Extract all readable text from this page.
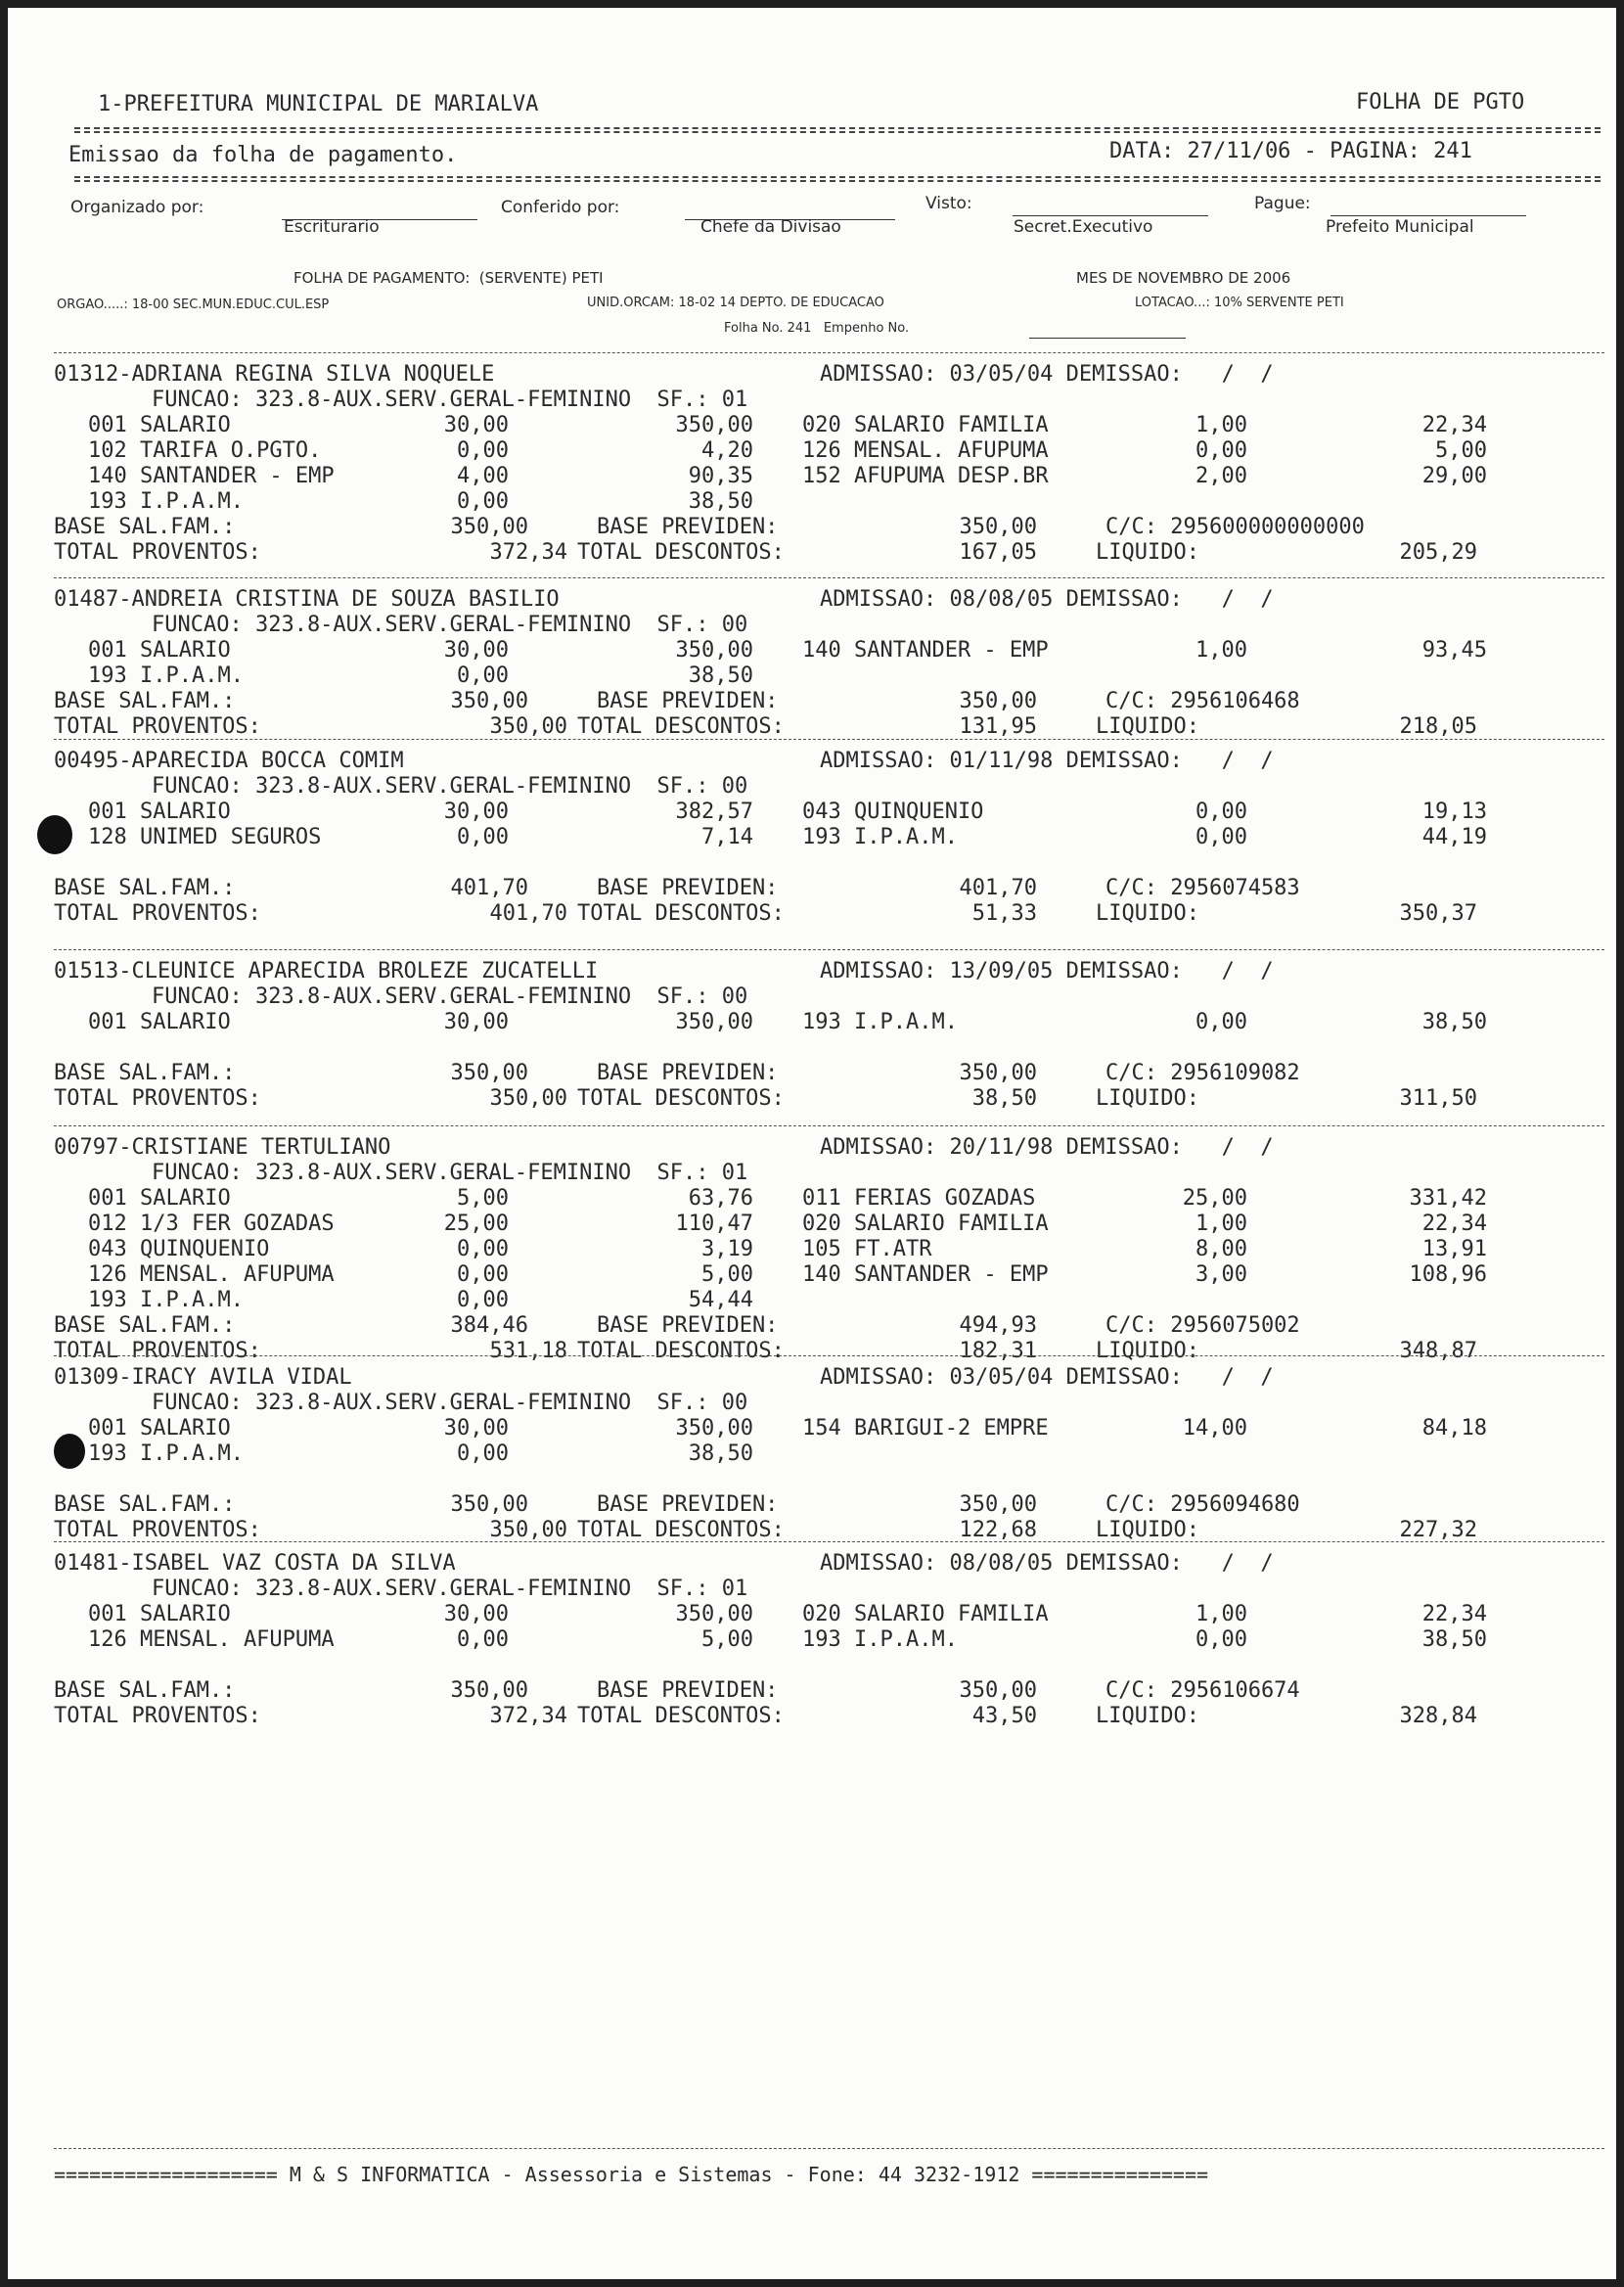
1-PREFEITURA MUNICIPAL DE MARIALVA	FOLHA DE PGTO
Emissao da folha de pagamento.	DATA: 27/11/06 - PAGINA: 241
Organizado por:
Escriturario
Conferido por:
Chefe da Divisao
Visto:
Secret.Executivo
Pague:
Prefeito Municipal
FOLHA DE PAGAMENTO:  (SERVENTE) PETI	MES DE NOVEMBRO DE 2006
ORGAO.....: 18-00 SEC.MUN.EDUC.CUL.ESP	UNID.ORCAM: 18-02 14 DEPTO. DE EDUCACAO	LOTACAO...: 10% SERVENTE PETI
Folha No. 241   Empenho No.
01312-ADRIANA REGINA SILVA NOQUELE	ADMISSAO: 03/05/04 DEMISSAO:   /  /
FUNCAO: 323.8-AUX.SERV.GERAL-FEMININO  SF.: 01
001 SALARIO	30,00	350,00 020 SALARIO FAMILIA	1,00	22,34
102 TARIFA O.PGTO.	0,00	4,20 126 MENSAL. AFUPUMA	0,00	5,00
140 SANTANDER - EMP	4,00	90,35 152 AFUPUMA DESP.BR	2,00	29,00
193 I.P.A.M.	0,00	38,50
BASE SAL.FAM.:	350,00	BASE PREVIDEN:	350,00	C/C: 295600000000000
TOTAL PROVENTOS:	372,34 TOTAL DESCONTOS:	167,05	LIQUIDO:	205,29
01487-ANDREIA CRISTINA DE SOUZA BASILIO	ADMISSAO: 08/08/05 DEMISSAO:   /  /
FUNCAO: 323.8-AUX.SERV.GERAL-FEMININO  SF.: 00
001 SALARIO	30,00	350,00 140 SANTANDER - EMP	1,00	93,45
193 I.P.A.M.	0,00	38,50
BASE SAL.FAM.:	350,00	BASE PREVIDEN:	350,00	C/C: 2956106468
TOTAL PROVENTOS:	350,00 TOTAL DESCONTOS:	131,95	LIQUIDO:	218,05
00495-APARECIDA BOCCA COMIM	ADMISSAO: 01/11/98 DEMISSAO:   /  /
FUNCAO: 323.8-AUX.SERV.GERAL-FEMININO  SF.: 00
001 SALARIO	30,00	382,57 043 QUINQUENIO	0,00	19,13
128 UNIMED SEGUROS	0,00	7,14 193 I.P.A.M.	0,00	44,19
BASE SAL.FAM.:	401,70	BASE PREVIDEN:	401,70	C/C: 2956074583
TOTAL PROVENTOS:	401,70 TOTAL DESCONTOS:	51,33	LIQUIDO:	350,37
01513-CLEUNICE APARECIDA BROLEZE ZUCATELLI	ADMISSAO: 13/09/05 DEMISSAO:   /  /
FUNCAO: 323.8-AUX.SERV.GERAL-FEMININO  SF.: 00
001 SALARIO	30,00	350,00 193 I.P.A.M.	0,00	38,50
BASE SAL.FAM.:	350,00	BASE PREVIDEN:	350,00	C/C: 2956109082
TOTAL PROVENTOS:	350,00 TOTAL DESCONTOS:	38,50	LIQUIDO:	311,50
00797-CRISTIANE TERTULIANO	ADMISSAO: 20/11/98 DEMISSAO:   /  /
FUNCAO: 323.8-AUX.SERV.GERAL-FEMININO  SF.: 01
001 SALARIO	5,00	63,76 011 FERIAS GOZADAS	25,00	331,42
012 1/3 FER GOZADAS	25,00	110,47 020 SALARIO FAMILIA	1,00	22,34
043 QUINQUENIO	0,00	3,19 105 FT.ATR	8,00	13,91
126 MENSAL. AFUPUMA	0,00	5,00 140 SANTANDER - EMP	3,00	108,96
193 I.P.A.M.	0,00	54,44
BASE SAL.FAM.:	384,46	BASE PREVIDEN:	494,93	C/C: 2956075002
TOTAL PROVENTOS:	531,18 TOTAL DESCONTOS:	182,31	LIQUIDO:	348,87
01309-IRACY AVILA VIDAL	ADMISSAO: 03/05/04 DEMISSAO:   /  /
FUNCAO: 323.8-AUX.SERV.GERAL-FEMININO  SF.: 00
001 SALARIO	30,00	350,00 154 BARIGUI-2 EMPRE	14,00	84,18
193 I.P.A.M.	0,00	38,50
BASE SAL.FAM.:	350,00	BASE PREVIDEN:	350,00	C/C: 2956094680
TOTAL PROVENTOS:	350,00 TOTAL DESCONTOS:	122,68	LIQUIDO:	227,32
01481-ISABEL VAZ COSTA DA SILVA	ADMISSAO: 08/08/05 DEMISSAO:   /  /
FUNCAO: 323.8-AUX.SERV.GERAL-FEMININO  SF.: 01
001 SALARIO	30,00	350,00 020 SALARIO FAMILIA	1,00	22,34
126 MENSAL. AFUPUMA	0,00	5,00 193 I.P.A.M.	0,00	38,50
BASE SAL.FAM.:	350,00	BASE PREVIDEN:	350,00	C/C: 2956106674
TOTAL PROVENTOS:	372,34 TOTAL DESCONTOS:	43,50	LIQUIDO:	328,84
=================== M & S INFORMATICA - Assessoria e Sistemas - Fone: 44 3232-1912 ===============
